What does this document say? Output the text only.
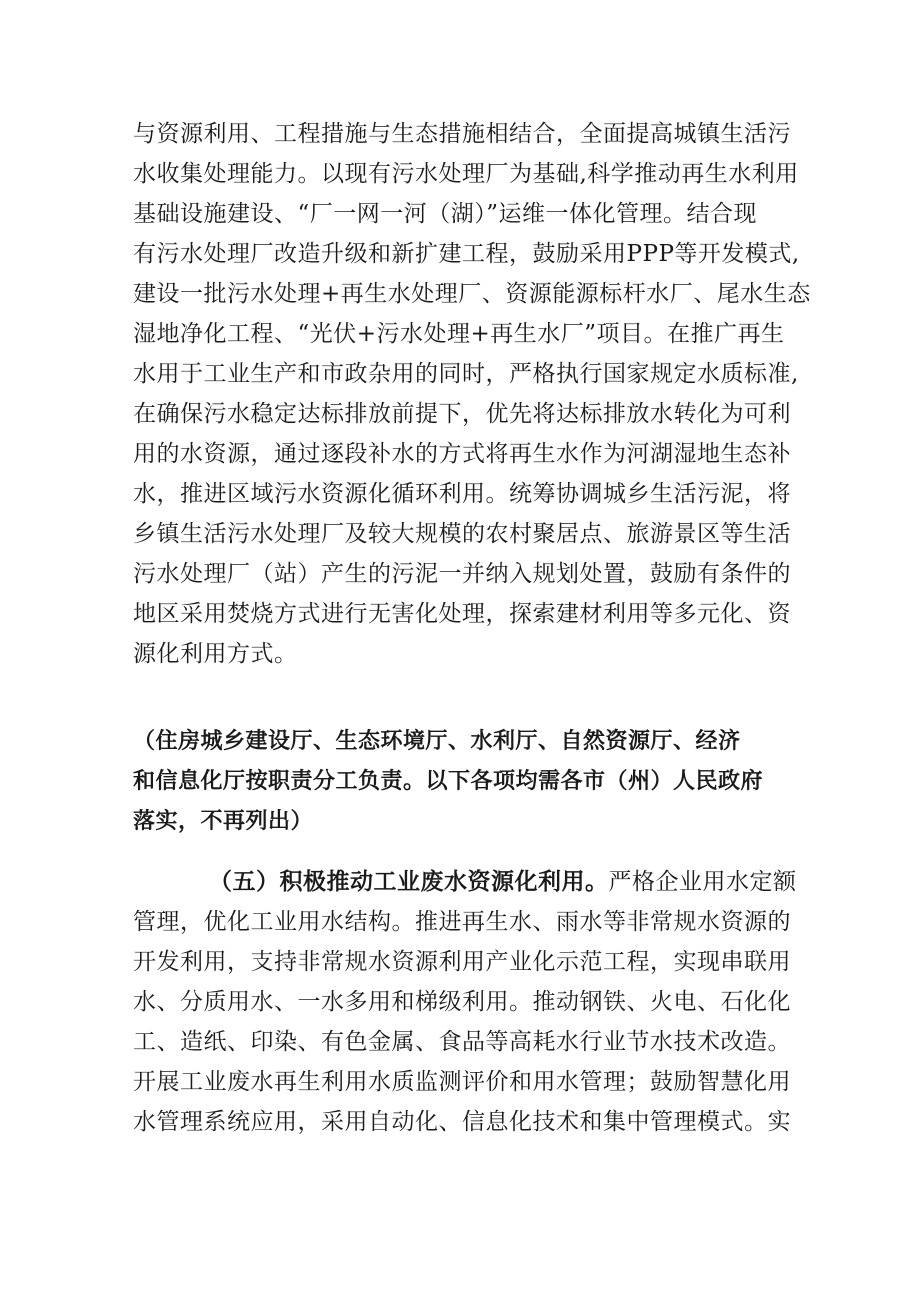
与资源利用、工程措施与生态措施相结合，全面提高城镇生活污
水收集处理能力。以现有污水处理厂为基础,科学推动再生水利用
基础设施建设、“厂一网一河（湖）”运维一体化管理。结合现
有污水处理厂改造升级和新扩建工程，鼓励采用PPP等开发模式,
建设一批污水处理+再生水处理厂、资源能源标杆水厂、尾水生态
湿地净化工程、“光伏+污水处理+再生水厂”项目。在推广再生
水用于工业生产和市政杂用的同时，严格执行国家规定水质标准,
在确保污水稳定达标排放前提下，优先将达标排放水转化为可利
用的水资源，通过逐段补水的方式将再生水作为河湖湿地生态补
水，推进区域污水资源化循环利用。统筹协调城乡生活污泥，将
乡镇生活污水处理厂及较大规模的农村聚居点、旅游景区等生活
污水处理厂（站）产生的污泥一并纳入规划处置，鼓励有条件的
地区采用焚烧方式进行无害化处理，探索建材利用等多元化、资
源化利用方式。
（住房城乡建设厅、生态环境厅、水利厅、自然资源厅、经济
和信息化厅按职责分工负责。以下各项均需各市（州）人民政府
落实，不再列出）
（五）积极推动工业废水资源化利用。严格企业用水定额
管理，优化工业用水结构。推进再生水、雨水等非常规水资源的
开发利用，支持非常规水资源利用产业化示范工程，实现串联用
水、分质用水、一水多用和梯级利用。推动钢铁、火电、石化化
工、造纸、印染、有色金属、食品等高耗水行业节水技术改造。
开展工业废水再生利用水质监测评价和用水管理；鼓励智慧化用
水管理系统应用，采用自动化、信息化技术和集中管理模式。实
